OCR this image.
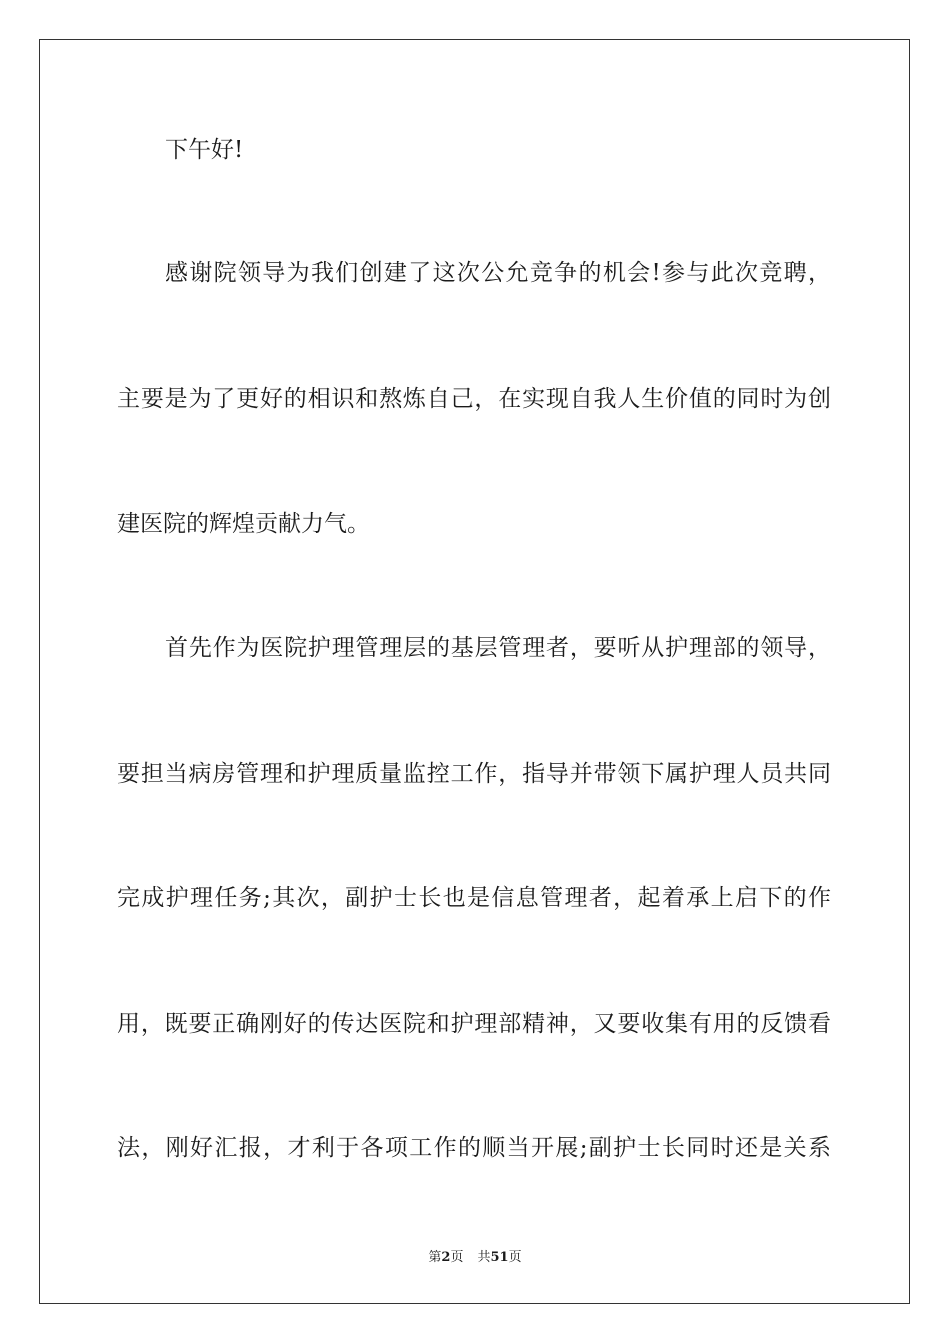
下午好!
感谢院领导为我们创建了这次公允竞争的机会!参与此次竞聘，
主要是为了更好的相识和熬炼自己，在实现自我人生价值的同时为创
建医院的辉煌贡献力气。
首先作为医院护理管理层的基层管理者，要听从护理部的领导，
要担当病房管理和护理质量监控工作，指导并带领下属护理人员共同
完成护理任务;其次，副护士长也是信息管理者，起着承上启下的作
用，既要正确刚好的传达医院和护理部精神，又要收集有用的反馈看
法，刚好汇报，才利于各项工作的顺当开展;副护士长同时还是关系
第2页 共51页
